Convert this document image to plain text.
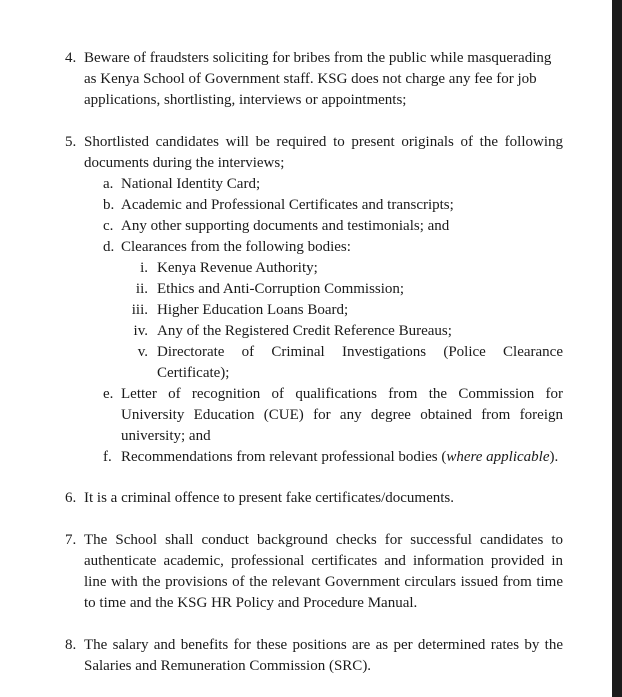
4. Beware of fraudsters soliciting for bribes from the public while masquerading as Kenya School of Government staff. KSG does not charge any fee for job applications, shortlisting, interviews or appointments;
5. Shortlisted candidates will be required to present originals of the following
documents during the interviews;
a. National Identity Card;
b. Academic and Professional Certificates and transcripts;
c. Any other supporting documents and testimonials; and
d. Clearances from the following bodies:
i. Kenya Revenue Authority;
ii. Ethics and Anti-Corruption Commission;
iii. Higher Education Loans Board;
iv. Any of the Registered Credit Reference Bureaus;
v. Directorate of Criminal Investigations (Police Clearance Certificate);
e. Letter of recognition of qualifications from the Commission for University Education (CUE) for any degree obtained from foreign university; and
f. Recommendations from relevant professional bodies (where applicable).
6. It is a criminal offence to present fake certificates/documents.
7. The School shall conduct background checks for successful candidates to authenticate academic, professional certificates and information provided in line with the provisions of the relevant Government circulars issued from time to time and the KSG HR Policy and Procedure Manual.
8. The salary and benefits for these positions are as per determined rates by the Salaries and Remuneration Commission (SRC).
